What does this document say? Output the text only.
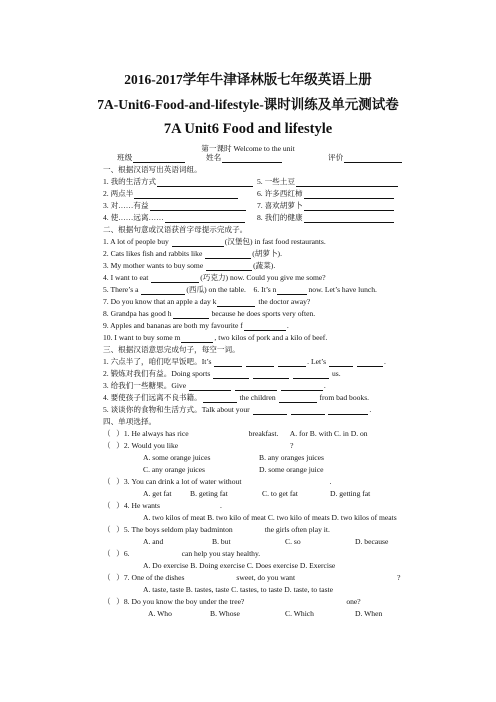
2016-2017学年牛津译林版七年级英语上册
7A-Unit6-Food-and-lifestyle-课时训练及单元测试卷
7A Unit6 Food and lifestyle
第一课时 Welcome to the unit
班级	姓名	评价
一、根据汉语写出英语词组。
1. 我的生活方式	5. 一些土豆
2. 两点半	6. 许多西红柿
3. 对……有益	7. 喜欢胡萝卜
4. 使……远离……	8. 我们的健康
二、根据句意或汉语获首字母提示完成子。
1. A lot of people buy	(汉堡包) in fast food restaurants.
2. Cats likes fish and rabbits like	(胡萝卜).
3. My mother wants to buy some	(蔬菜).
4. I want to eat	(巧克力) now. Could you give me some?
5. There’s a	(西瓜) on the table. 6. It’s n	now. Let’s have lunch.
7. Do you know that an apple a day k	the doctor away?
8. Grandpa has good h	because he does sports very often.
9. Apples and bananas are both my favourite f	.
10. I want to buy some m	, two kilos of pork and a kilo of beef.
三、根据汉语意思完成句子，每空一词。
1. 六点半了，咱们吃早饭吧。It’s	. Let’s	.
2. 锻炼对我们有益。Doing sports	us.
3. 给我们一些糖果。Give	.
4. 要使孩子们远离不良书籍。	the children	from bad books.
5. 谈谈你的食物和生活方式。Talk about your	.
四、单项选择。
（ ）1. He always has rice	breakfast. A. for B. with C. in D. on
（ ）2. Would you like	?
A. some orange juices	B. any oranges juices
C. any orange juices	D. some orange juice
（ ）3. You can drink a lot of water without	.
A. get fat B. geting fat	C. to get fat	D. getting fat
（ ）4. He wants	.
A. two kilos of meat B. two kilo of meat C. two kilo of meats D. two kilos of meats
（ ）5. The boys seldom play badminton	the girls often play it.
A. and	B. but	C. so	D. because
（ ）6.	can help you stay healthy.
A. Do exercise B. Doing exercise C. Does exercise D. Exercise
（ ）7. One of the dishes	sweet, do you want	?
A. taste, taste B. tastes, taste C. tastes, to taste D. taste, to taste
（ ）8. Do you know the boy under the tree?	one?
A. Who	B. Whose	C. Which	D. When
